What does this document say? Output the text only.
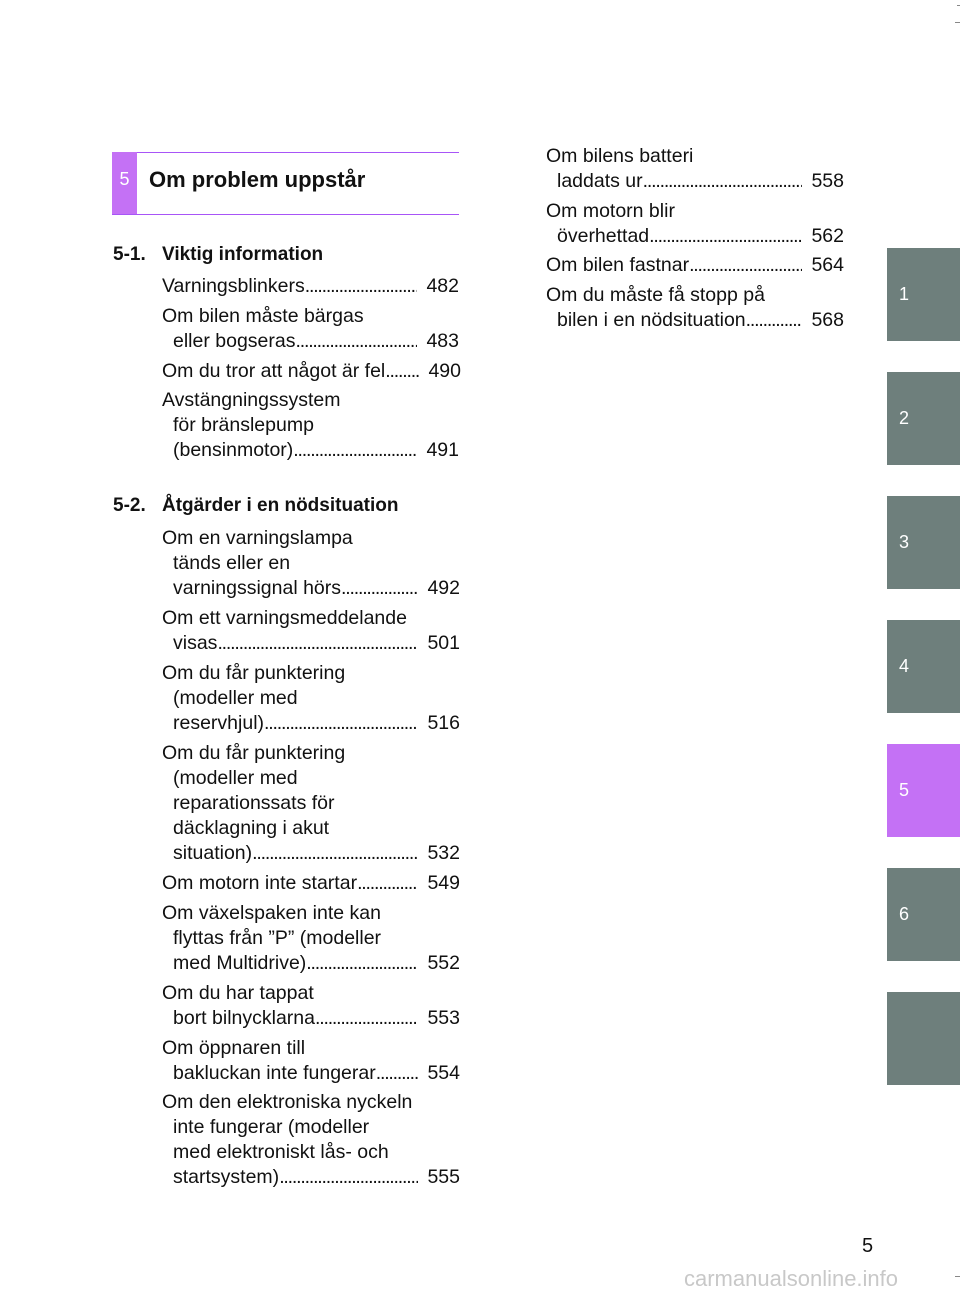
5 Om problem uppstår
5-1. Viktig information
5-2. Åtgärder i en nödsituation
Varningsblinkers . . .	482
Om bilen måste bärgas
eller bogseras . . .	483
Om du tror att något är fel . . .	490
Avstängningssystem
för bränslepump
(bensinmotor) . . .	491
Om en varningslampa
tänds eller en
varningssignal hörs . . .	492
Om ett varningsmeddelande
visas . . .	501
Om du får punktering
(modeller med
reservhjul) . . .	516
Om du får punktering
(modeller med
reparationssats för
däcklagning i akut
situation) . . .	532
Om motorn inte startar . . .	549
Om växelspaken inte kan
flyttas från ”P” (modeller
med Multidrive) . . .	552
Om du har tappat
bort bilnycklarna . . .	553
Om öppnaren till
bakluckan inte fungerar . . .	554
Om den elektroniska nyckeln
inte fungerar (modeller
med elektroniskt lås- och
startsystem) . . .	555
Om bilens batteri
laddats ur . . .	558
Om motorn blir
överhettad . . .	562
Om bilen fastnar . . .	564
Om du måste få stopp på
bilen i en nödsituation . . .	568
1
2
3
4
5
6
5
carmanualsonline.info
